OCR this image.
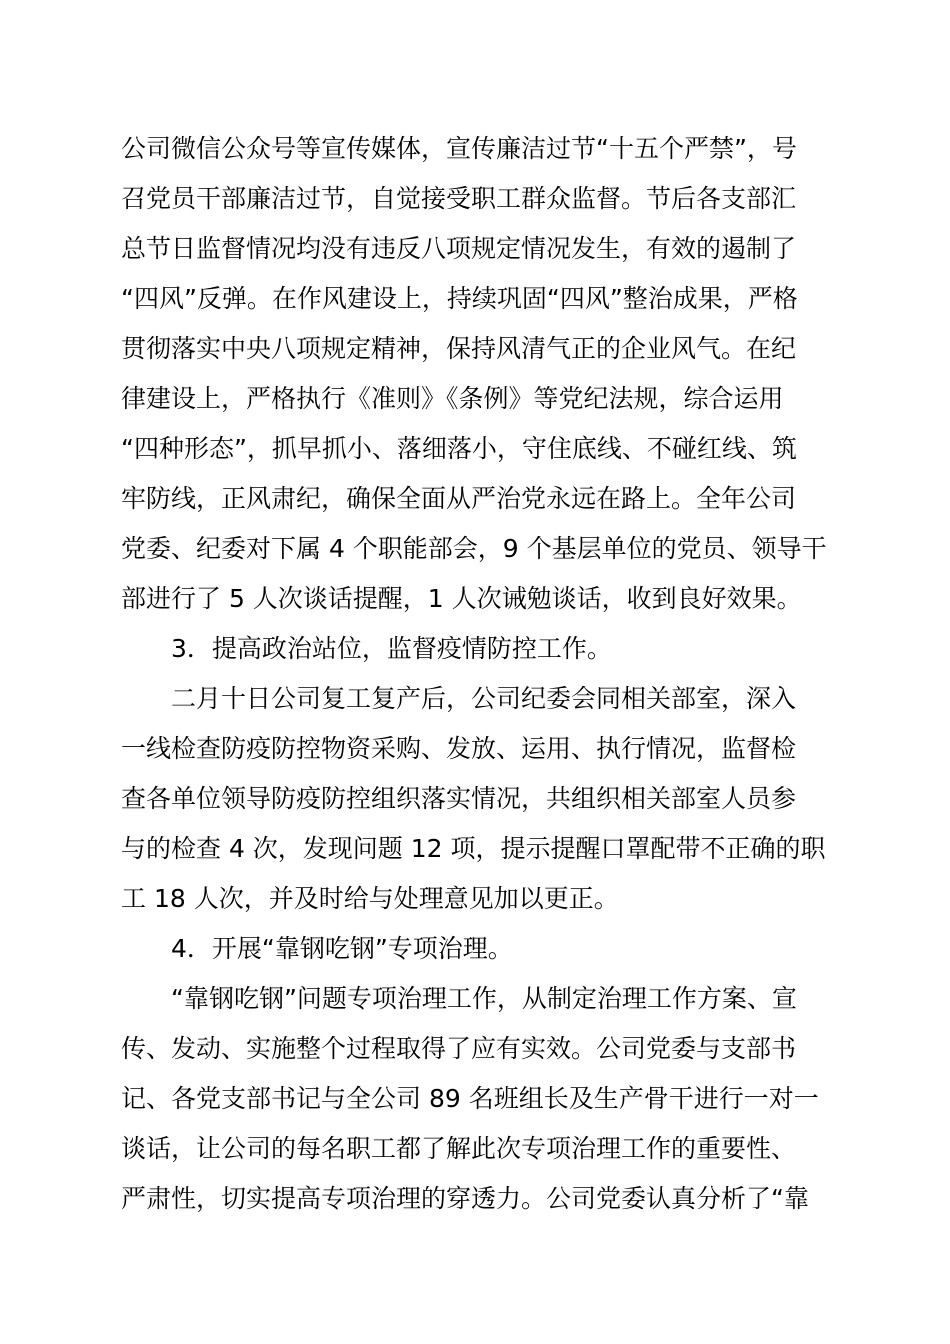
公司微信公众号等宣传媒体，宣传廉洁过节“十五个严禁”，号
召党员干部廉洁过节，自觉接受职工群众监督。节后各支部汇
总节日监督情况均没有违反八项规定情况发生，有效的遏制了
“四风”反弹。在作风建设上，持续巩固“四风”整治成果，严格
贯彻落实中央八项规定精神，保持风清气正的企业风气。在纪
律建设上，严格执行《准则》《条例》等党纪法规，综合运用
“四种形态”，抓早抓小、落细落小，守住底线、不碰红线、筑
牢防线，正风肃纪，确保全面从严治党永远在路上。全年公司
党委、纪委对下属 4 个职能部会，9 个基层单位的党员、领导干
部进行了 5 人次谈话提醒，1 人次诫勉谈话，收到良好效果。
3．提高政治站位，监督疫情防控工作。
二月十日公司复工复产后，公司纪委会同相关部室，深入
一线检查防疫防控物资采购、发放、运用、执行情况，监督检
查各单位领导防疫防控组织落实情况，共组织相关部室人员参
与的检查 4 次，发现问题 12 项，提示提醒口罩配带不正确的职
工 18 人次，并及时给与处理意见加以更正。
4．开展“靠钢吃钢”专项治理。
“靠钢吃钢”问题专项治理工作，从制定治理工作方案、宣
传、发动、实施整个过程取得了应有实效。公司党委与支部书
记、各党支部书记与全公司 89 名班组长及生产骨干进行一对一
谈话，让公司的每名职工都了解此次专项治理工作的重要性、
严肃性，切实提高专项治理的穿透力。公司党委认真分析了“靠
